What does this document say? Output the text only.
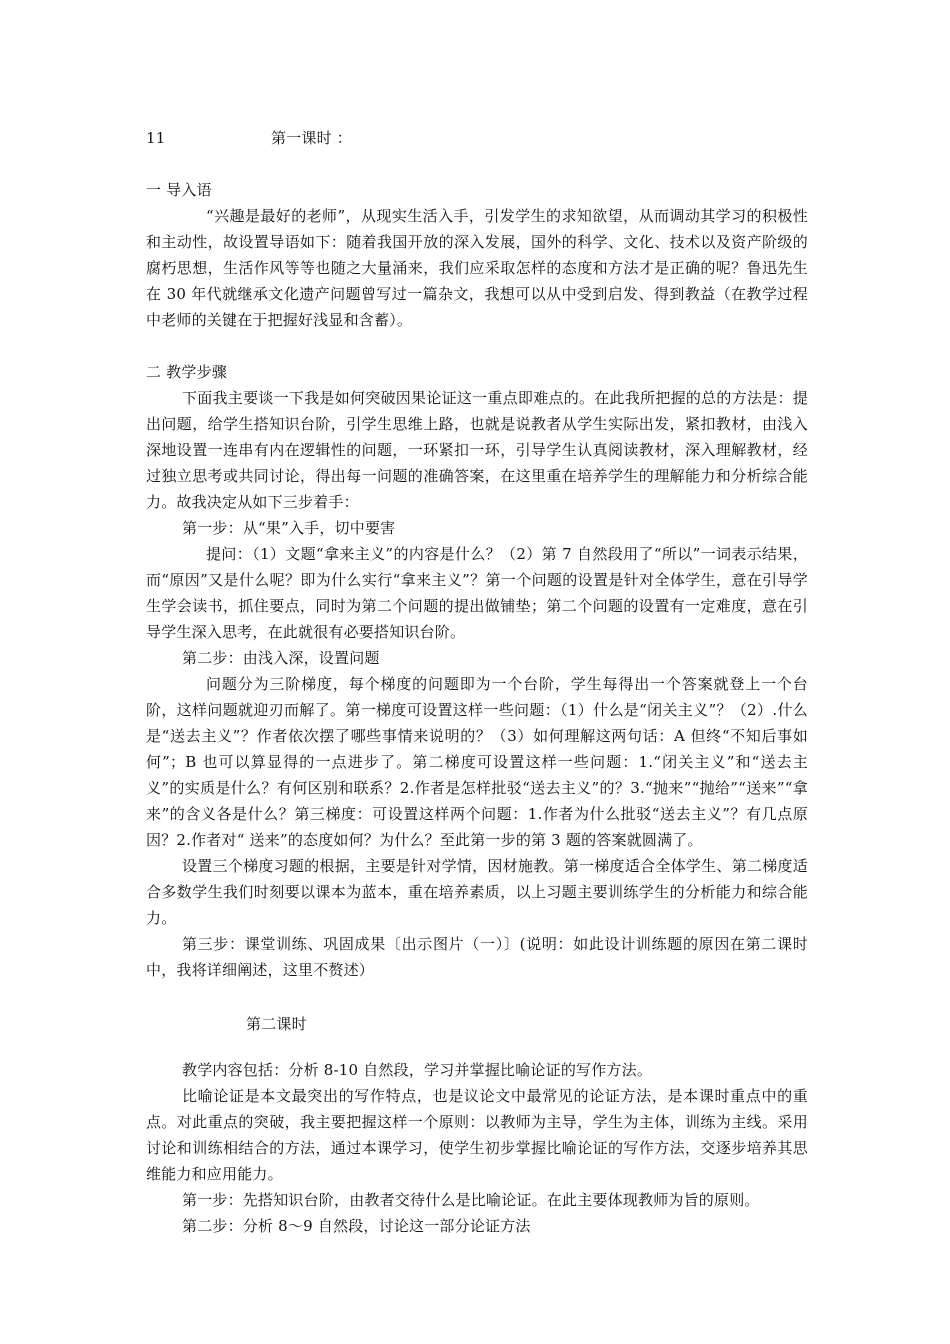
11	第一课时 ：

一 导入语

“兴趣是最好的老师”，从现实生活入手，引发学生的求知欲望，从而调动其学习的积极性和主动性，故设置导语如下：随着我国开放的深入发展，国外的科学、文化、技术以及资产阶级的腐朽思想，生活作风等等也随之大量涌来，我们应采取怎样的态度和方法才是正确的呢？鲁迅先生在 30 年代就继承文化遗产问题曾写过一篇杂文，我想可以从中受到启发、得到教益（在教学过程中老师的关键在于把握好浅显和含蓄）。

二 教学步骤

下面我主要谈一下我是如何突破因果论证这一重点即难点的。在此我所把握的总的方法是：提出问题，给学生搭知识台阶，引学生思维上路，也就是说教者从学生实际出发，紧扣教材，由浅入深地设置一连串有内在逻辑性的问题，一环紧扣一环，引导学生认真阅读教材，深入理解教材，经过独立思考或共同讨论，得出每一问题的准确答案，在这里重在培养学生的理解能力和分析综合能力。故我决定从如下三步着手：

第一步：从“果”入手，切中要害

提问：（1）文题“拿来主义”的内容是什么？（2）第 7 自然段用了“所以”一词表示结果，而“原因”又是什么呢？即为什么实行“拿来主义”？第一个问题的设置是针对全体学生，意在引导学生学会读书，抓住要点，同时为第二个问题的提出做铺垫；第二个问题的设置有一定难度，意在引导学生深入思考，在此就很有必要搭知识台阶。

第二步：由浅入深，设置问题

问题分为三阶梯度，每个梯度的问题即为一个台阶，学生每得出一个答案就登上一个台阶，这样问题就迎刃而解了。第一梯度可设置这样一些问题：（1）什么是“闭关主义”？（2）.什么是“送去主义”？作者依次摆了哪些事情来说明的？（3）如何理解这两句话：A 但终“不知后事如何”；B 也可以算显得的一点进步了。第二梯度可设置这样一些问题：1.“闭关主义”和“送去主义”的实质是什么？有何区别和联系？2.作者是怎样批驳“送去主义”的？3.“抛来”“抛给”“送来”“拿来”的含义各是什么？第三梯度：可设置这样两个问题：1.作者为什么批驳“送去主义”？有几点原因？2.作者对“ 送来”的态度如何？为什么？至此第一步的第 3 题的答案就圆满了。

设置三个梯度习题的根据，主要是针对学情，因材施教。第一梯度适合全体学生、第二梯度适合多数学生我们时刻要以课本为蓝本，重在培养素质，以上习题主要训练学生的分析能力和综合能力。

第三步：课堂训练、巩固成果〔出示图片（一）〕(说明：如此设计训练题的原因在第二课时中，我将详细阐述，这里不赘述）

第二课时

教学内容包括：分析 8-10 自然段，学习并掌握比喻论证的写作方法。

比喻论证是本文最突出的写作特点，也是议论文中最常见的论证方法，是本课时重点中的重点。对此重点的突破，我主要把握这样一个原则：以教师为主导，学生为主体，训练为主线。采用讨论和训练相结合的方法，通过本课学习，使学生初步掌握比喻论证的写作方法，交逐步培养其思维能力和应用能力。

第一步：先搭知识台阶，由教者交待什么是比喻论证。在此主要体现教师为旨的原则。

第二步：分析 8～9 自然段，讨论这一部分论证方法
